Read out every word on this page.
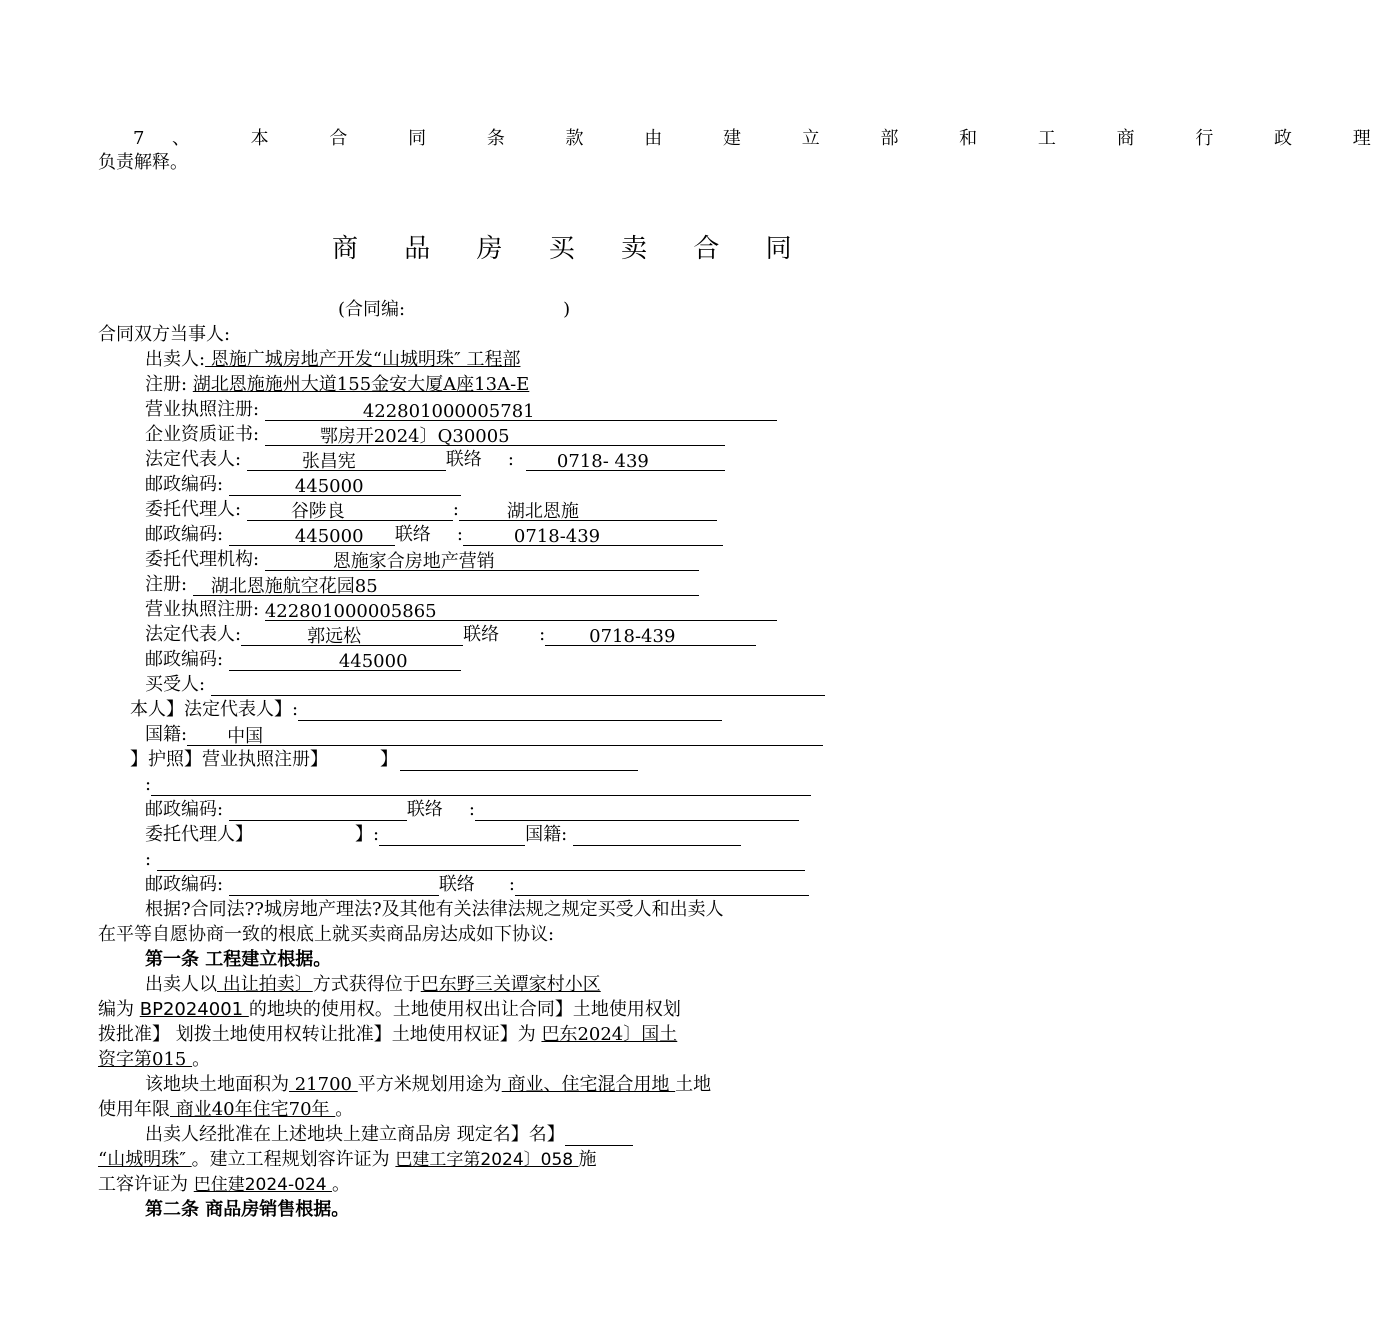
7、 本 合 同 条 款 由 建 立 部 和 工 商 行 政 理
负责解释。
商 品 房 买 卖 合 同
(合同编:	)
合同双方当事人:
出卖人: 恩施广城房地产开发“山城明珠″ 工程部
注册: 湖北恩施施州大道155金安大厦A座13A-E
营业执照注册:	422801000005781
企业资质证书:	鄂房开2024〕Q30005
法定代表人:	张昌宪	联络 : 0718- 439
邮政编码:	445000
委托代理人:	谷陟良	:	湖北恩施
邮政编码:	445000 联络 :	0718-439
委托代理机构:	恩施家合房地产营销
注册: 湖北恩施航空花园85
营业执照注册: 422801000005865
法定代表人:	郭远松	联络 : 0718-439
邮政编码:	445000
买受人:
本人】法定代表人】:
国籍: 中国
】护照】营业执照注册】	】
:
邮政编码:	联络 :
委托代理人】	】:	国籍:
:
邮政编码:	联络 :
根据?合同法??城房地产理法?及其他有关法律法规之规定买受人和出卖人
在平等自愿协商一致的根底上就买卖商品房达成如下协议:
第一条 工程建立根据。
出卖人以 出让拍卖〕方式获得位于巴东野三关谭家村小区
编为 BP2024001 的地块的使用权。土地使用权出让合同】土地使用权划
拨批准】 划拨土地使用权转让批准】土地使用权证】为 巴东2024〕国土
资字第015 。
该地块土地面积为 21700 平方米规划用途为 商业、住宅混合用地 土地
使用年限 商业40年住宅70年 。
出卖人经批准在上述地块上建立商品房 现定名】名】
“山城明珠″ 。建立工程规划容许证为 巴建工字第2024〕058 施
工容许证为 巴住建2024-024 。
第二条 商品房销售根据。
